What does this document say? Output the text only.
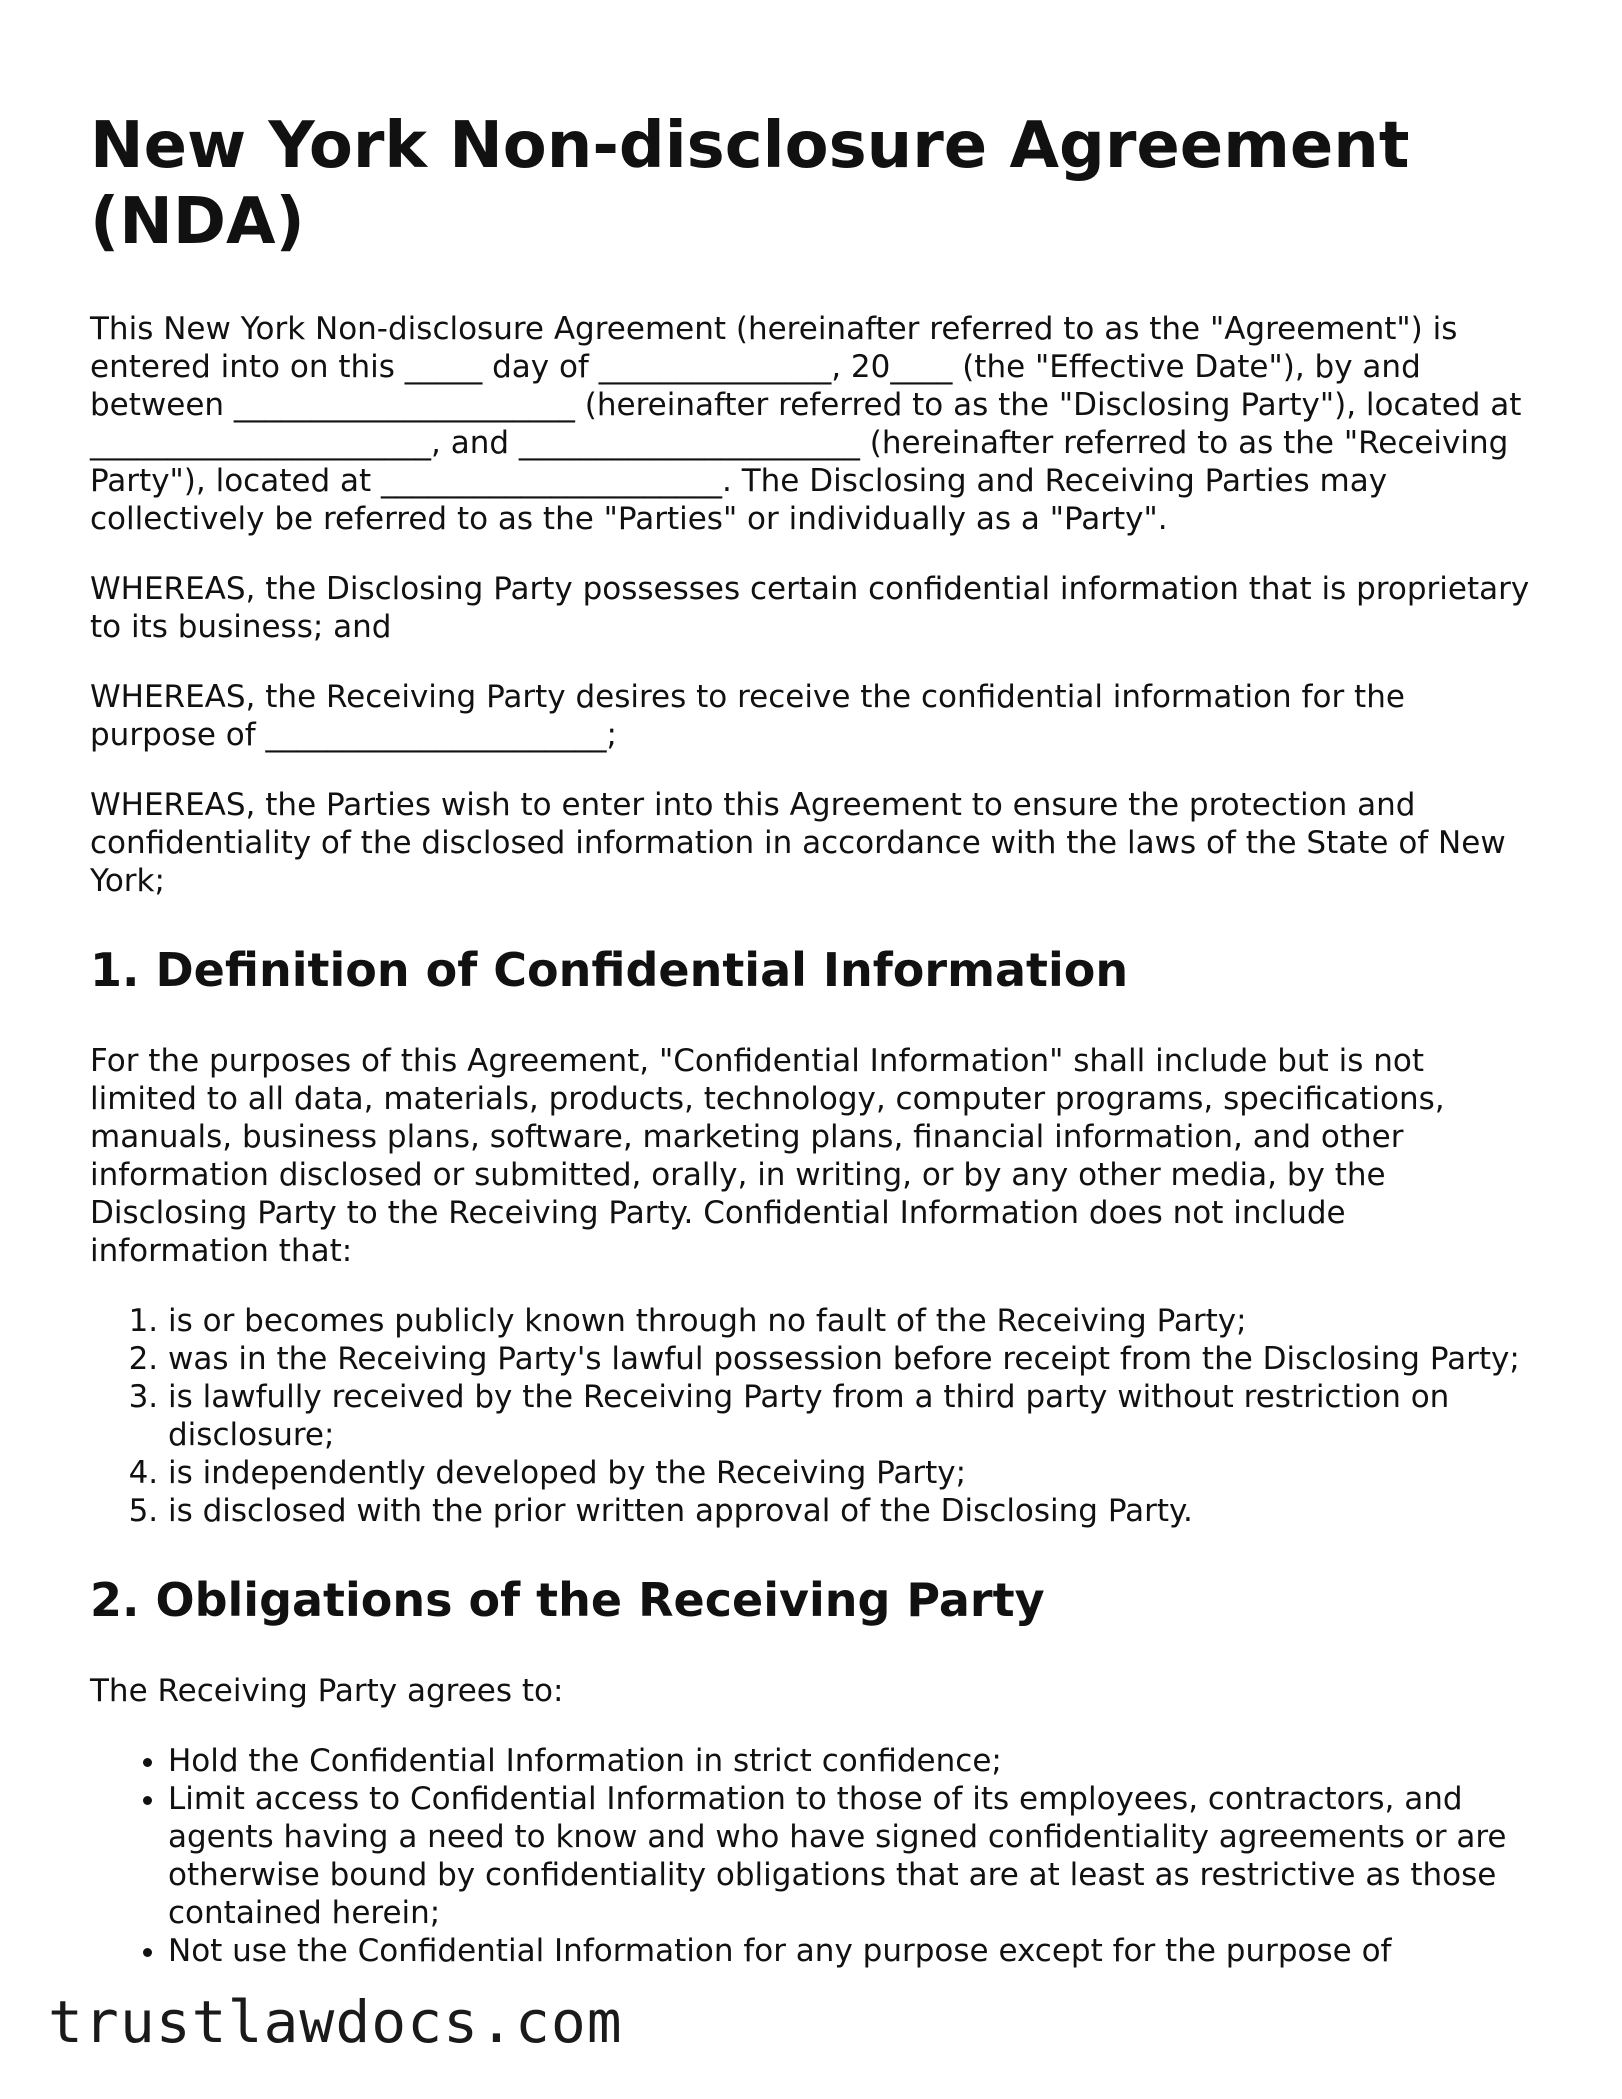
New York Non-disclosure Agreement (NDA)

This New York Non-disclosure Agreement (hereinafter referred to as the "Agreement") is entered into on this _____ day of _______________, 20____ (the "Effective Date"), by and between ______________________ (hereinafter referred to as the "Disclosing Party"), located at ______________________, and ______________________ (hereinafter referred to as the "Receiving Party"), located at ______________________. The Disclosing and Receiving Parties may collectively be referred to as the "Parties" or individually as a "Party".

WHEREAS, the Disclosing Party possesses certain confidential information that is proprietary to its business; and

WHEREAS, the Receiving Party desires to receive the confidential information for the purpose of ______________________;

WHEREAS, the Parties wish to enter into this Agreement to ensure the protection and confidentiality of the disclosed information in accordance with the laws of the State of New York;

1. Definition of Confidential Information

For the purposes of this Agreement, "Confidential Information" shall include but is not limited to all data, materials, products, technology, computer programs, specifications, manuals, business plans, software, marketing plans, financial information, and other information disclosed or submitted, orally, in writing, or by any other media, by the Disclosing Party to the Receiving Party. Confidential Information does not include information that:

1. is or becomes publicly known through no fault of the Receiving Party;
2. was in the Receiving Party's lawful possession before receipt from the Disclosing Party;
3. is lawfully received by the Receiving Party from a third party without restriction on disclosure;
4. is independently developed by the Receiving Party;
5. is disclosed with the prior written approval of the Disclosing Party.
2. Obligations of the Receiving Party

The Receiving Party agrees to:

• Hold the Confidential Information in strict confidence;
• Limit access to Confidential Information to those of its employees, contractors, and agents having a need to know and who have signed confidentiality agreements or are otherwise bound by confidentiality obligations that are at least as restrictive as those contained herein;
• Not use the Confidential Information for any purpose except for the purpose of
trustlawdocs.com
